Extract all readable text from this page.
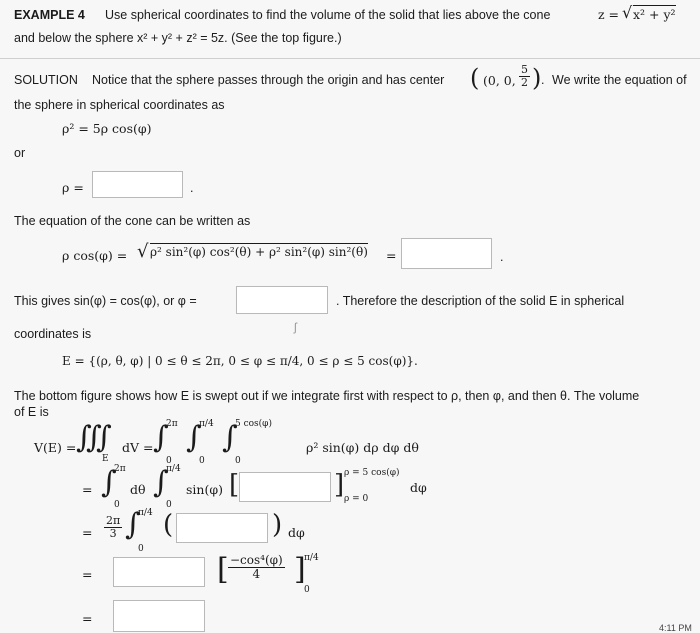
EXAMPLE 4 Use spherical coordinates to find the volume of the solid that lies above the cone	z = √ x² + y²
and below the sphere x² + y² + z² = 5z. (See the top figure.)
SOLUTION Notice that the sphere passes through the origin and has center ( (0, 0, $\frac{5}{2}$ ) . We write the equation of
the sphere in spherical coordinates as
ρ² = 5ρ cos(φ)
or
ρ =	.
The equation of the cone can be written as
ρ cos(φ) = √ ρ² sin²(φ) cos²(θ) + ρ² sin²(φ) sin²(θ) =	.
This gives sin(φ) = cos(φ), or φ =	. Therefore the description of the solid E in spherical
coordinates is	ʃ
E = {(ρ, θ, φ) | 0 ≤ θ ≤ 2π, 0 ≤ φ ≤ π/4, 0 ≤ ρ ≤ 5 cos(φ)}.
The bottom figure shows how E is swept out if we integrate first with respect to ρ, then φ, and then θ. The volume
of E is
V(E) = ∭
E
dV = ∫
2π
0
∫
π/4
0
∫
5 cos(φ)
0
ρ² sin(φ) dρ dφ dθ
= ∫
2π
0
dθ ∫
π/4
0
sin(φ) [	] ρ = 5 cos(φ)
ρ = 0
dφ
= $\frac{2\pi}{3}$ ∫
π/4
0
(	) dφ
=	[ $\frac{\text{−cos⁴(φ)}}{4}$ ]
π/4
0
=
4:11 PM
